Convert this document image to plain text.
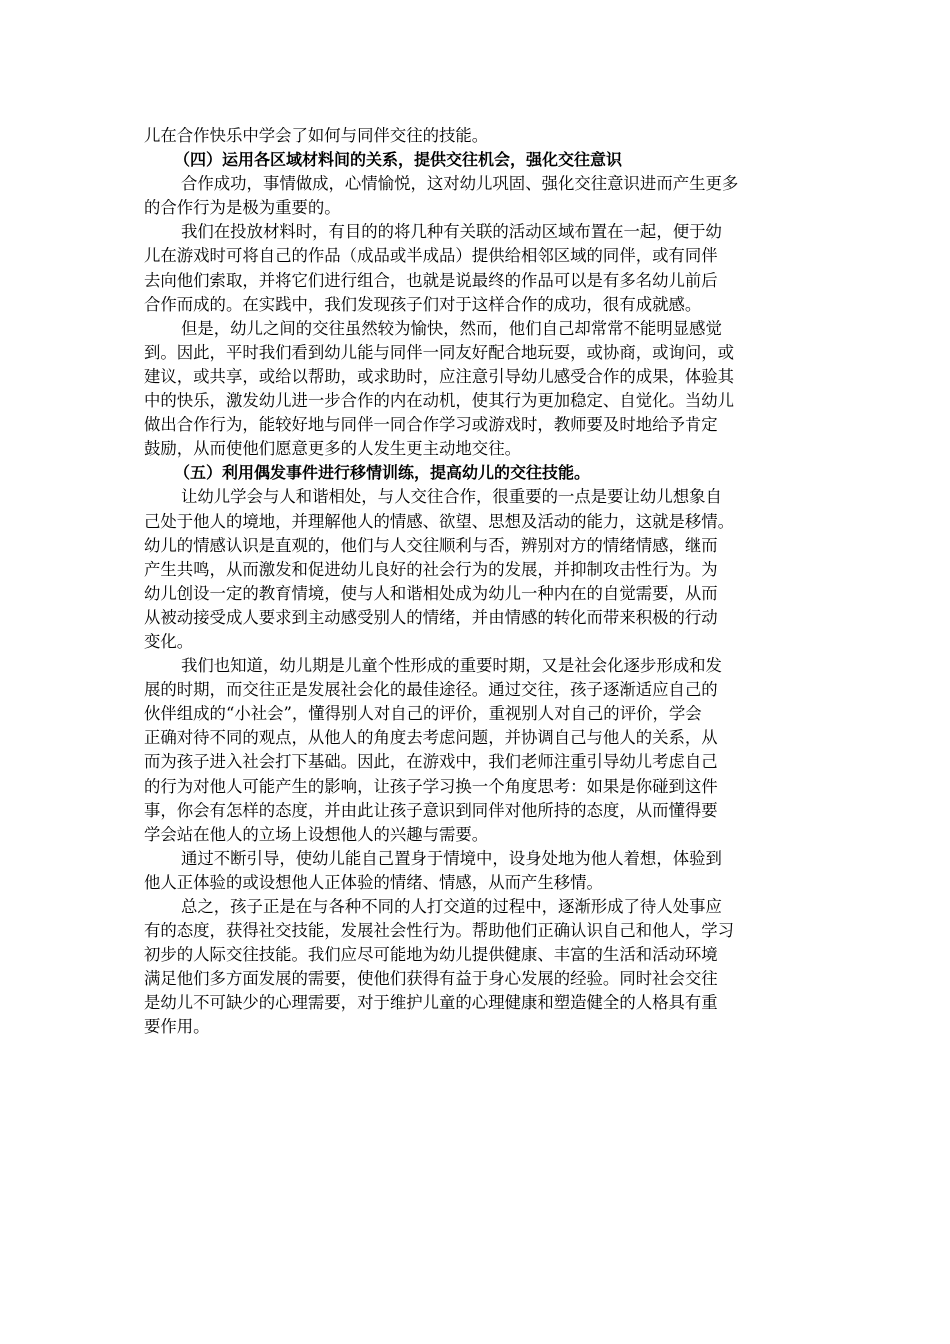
儿在合作快乐中学会了如何与同伴交往的技能。
（四）运用各区域材料间的关系，提供交往机会，强化交往意识
合作成功，事情做成，心情愉悦，这对幼儿巩固、强化交往意识进而产生更多
的合作行为是极为重要的。
我们在投放材料时，有目的的将几种有关联的活动区域布置在一起，便于幼
儿在游戏时可将自己的作品（成品或半成品）提供给相邻区域的同伴，或有同伴
去向他们索取，并将它们进行组合，也就是说最终的作品可以是有多名幼儿前后
合作而成的。在实践中，我们发现孩子们对于这样合作的成功，很有成就感。
但是，幼儿之间的交往虽然较为愉快，然而，他们自己却常常不能明显感觉
到。因此，平时我们看到幼儿能与同伴一同友好配合地玩耍，或协商，或询问，或
建议，或共享，或给以帮助，或求助时，应注意引导幼儿感受合作的成果，体验其
中的快乐，激发幼儿进一步合作的内在动机，使其行为更加稳定、自觉化。当幼儿
做出合作行为，能较好地与同伴一同合作学习或游戏时，教师要及时地给予肯定
鼓励，从而使他们愿意更多的人发生更主动地交往。
（五）利用偶发事件进行移情训练，提高幼儿的交往技能。
让幼儿学会与人和谐相处，与人交往合作，很重要的一点是要让幼儿想象自
己处于他人的境地，并理解他人的情感、欲望、思想及活动的能力，这就是移情。
幼儿的情感认识是直观的，他们与人交往顺利与否，辨别对方的情绪情感，继而
产生共鸣，从而激发和促进幼儿良好的社会行为的发展，并抑制攻击性行为。为
幼儿创设一定的教育情境，使与人和谐相处成为幼儿一种内在的自觉需要，从而
从被动接受成人要求到主动感受别人的情绪，并由情感的转化而带来积极的行动
变化。
我们也知道，幼儿期是儿童个性形成的重要时期，又是社会化逐步形成和发
展的时期，而交往正是发展社会化的最佳途径。通过交往，孩子逐渐适应自己的
伙伴组成的“小社会”，懂得别人对自己的评价，重视别人对自己的评价，学会
正确对待不同的观点，从他人的角度去考虑问题，并协调自己与他人的关系，从
而为孩子进入社会打下基础。因此，在游戏中，我们老师注重引导幼儿考虑自己
的行为对他人可能产生的影响，让孩子学习换一个角度思考：如果是你碰到这件
事，你会有怎样的态度，并由此让孩子意识到同伴对他所持的态度，从而懂得要
学会站在他人的立场上设想他人的兴趣与需要。
通过不断引导，使幼儿能自己置身于情境中，设身处地为他人着想，体验到
他人正体验的或设想他人正体验的情绪、情感，从而产生移情。
总之，孩子正是在与各种不同的人打交道的过程中，逐渐形成了待人处事应
有的态度，获得社交技能，发展社会性行为。帮助他们正确认识自己和他人，学习
初步的人际交往技能。我们应尽可能地为幼儿提供健康、丰富的生活和活动环境
满足他们多方面发展的需要，使他们获得有益于身心发展的经验。同时社会交往
是幼儿不可缺少的心理需要，对于维护儿童的心理健康和塑造健全的人格具有重
要作用。
